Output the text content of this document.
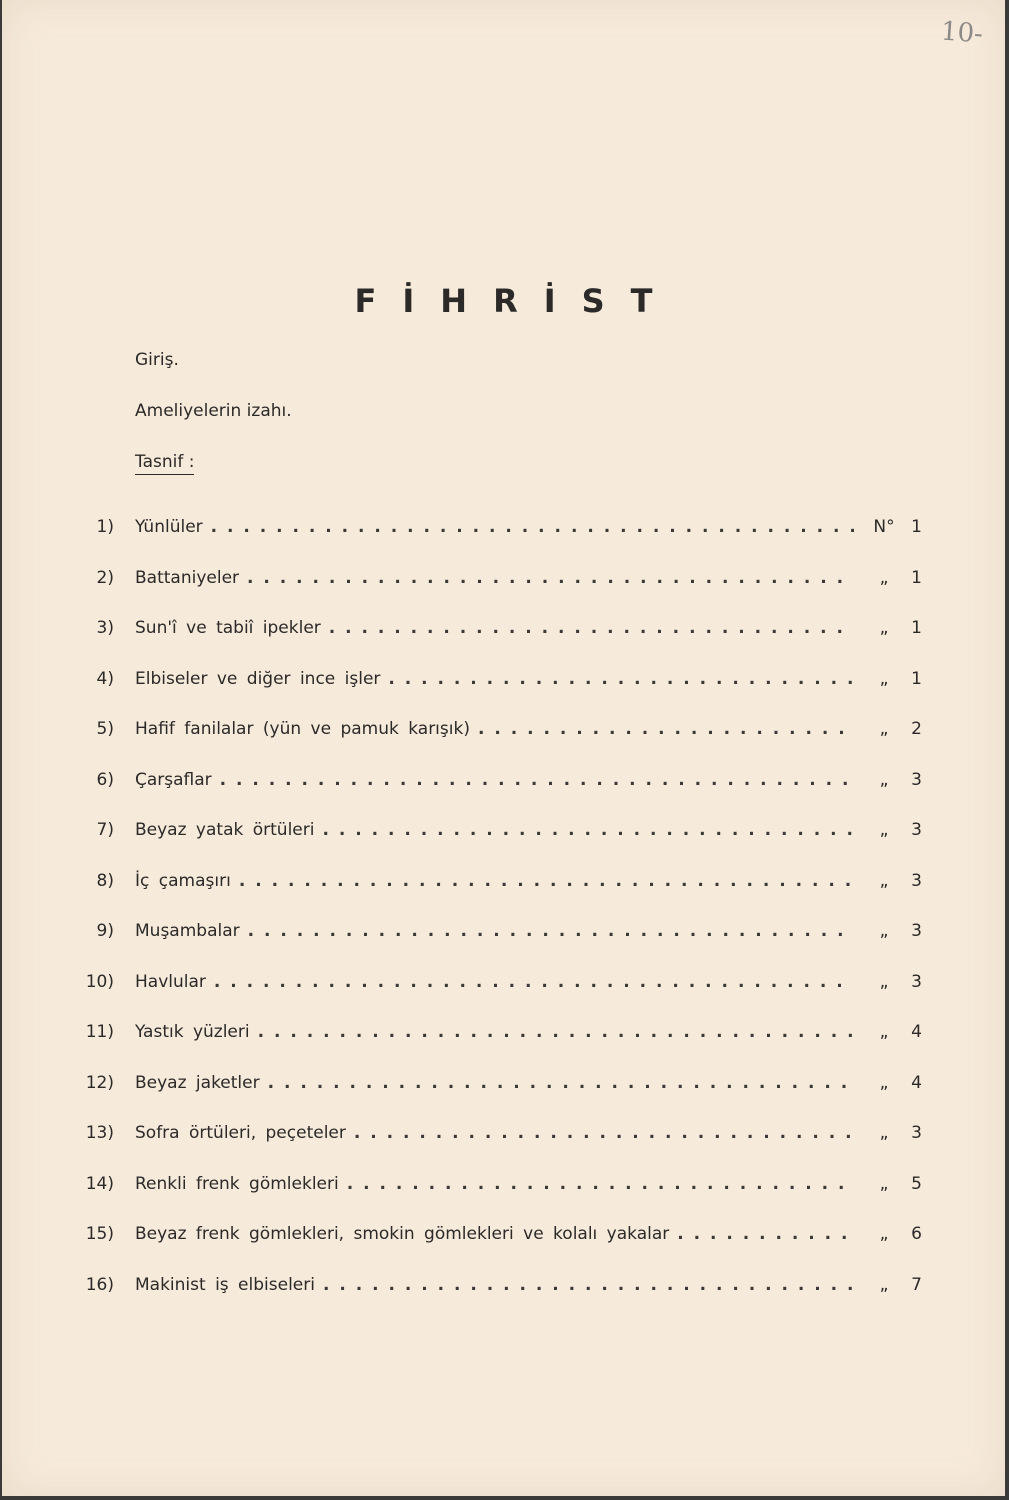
10-
FİHRİST
Giriş.
Ameliyelerin izahı.
Tasnif :
1) Yünlüler . . .	N° 1
2) Battaniyeler . . .	„	1
3) Sun'î ve tabiî ipekler . . .	„	1
4) Elbiseler ve diğer ince işler . . .	„	1
5) Hafif fanilalar (yün ve pamuk karışık) . . .	„	2
6) Çarşaflar . . .	„	3
7) Beyaz yatak örtüleri . . .	„	3
8) İç çamaşırı . . .	„	3
9) Muşambalar . . .	„	3
10) Havlular . . .	„	3
11) Yastık yüzleri . . .	„	4
12) Beyaz jaketler . . .	„	4
13) Sofra örtüleri, peçeteler . . .	„	3
14) Renkli frenk gömlekleri . . .	„	5
15) Beyaz frenk gömlekleri, smokin gömlekleri ve kolalı yakalar . . .	„	6
16) Makinist iş elbiseleri . . .	„	7
